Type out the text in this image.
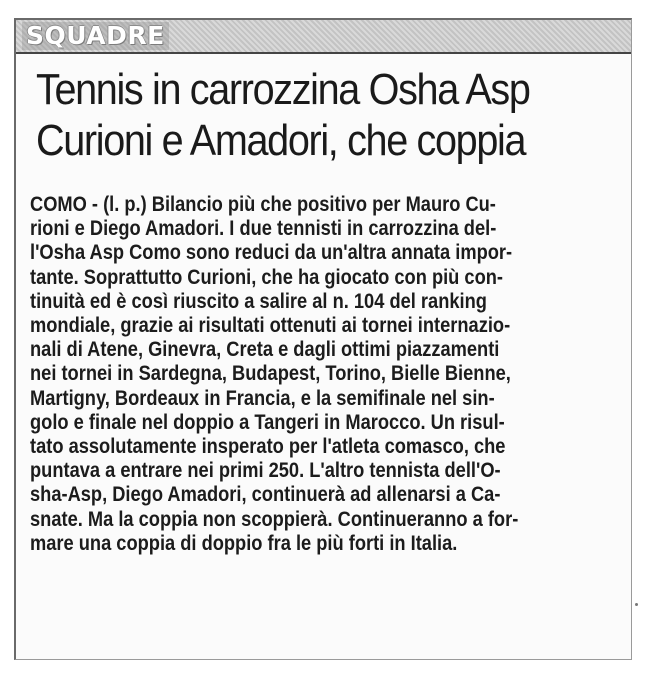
SQUADRE
Tennis in carrozzina Osha Asp
Curioni e Amadori, che coppia
COMO - (l. p.) Bilancio più che positivo per Mauro Cu-
rioni e Diego Amadori. I due tennisti in carrozzina del-
l'Osha Asp Como sono reduci da un'altra annata impor-
tante. Soprattutto Curioni, che ha giocato con più con-
tinuità ed è così riuscito a salire al n. 104 del ranking
mondiale, grazie ai risultati ottenuti ai tornei internazio-
nali di Atene, Ginevra, Creta e dagli ottimi piazzamenti
nei tornei in Sardegna, Budapest, Torino, Bielle Bienne,
Martigny, Bordeaux in Francia, e la semifinale nel sin-
golo e finale nel doppio a Tangeri in Marocco. Un risul-
tato assolutamente insperato per l'atleta comasco, che
puntava a entrare nei primi 250. L'altro tennista dell'O-
sha-Asp, Diego Amadori, continuerà ad allenarsi a Ca-
snate. Ma la coppia non scoppierà. Continueranno a for-
mare una coppia di doppio fra le più forti in Italia.
